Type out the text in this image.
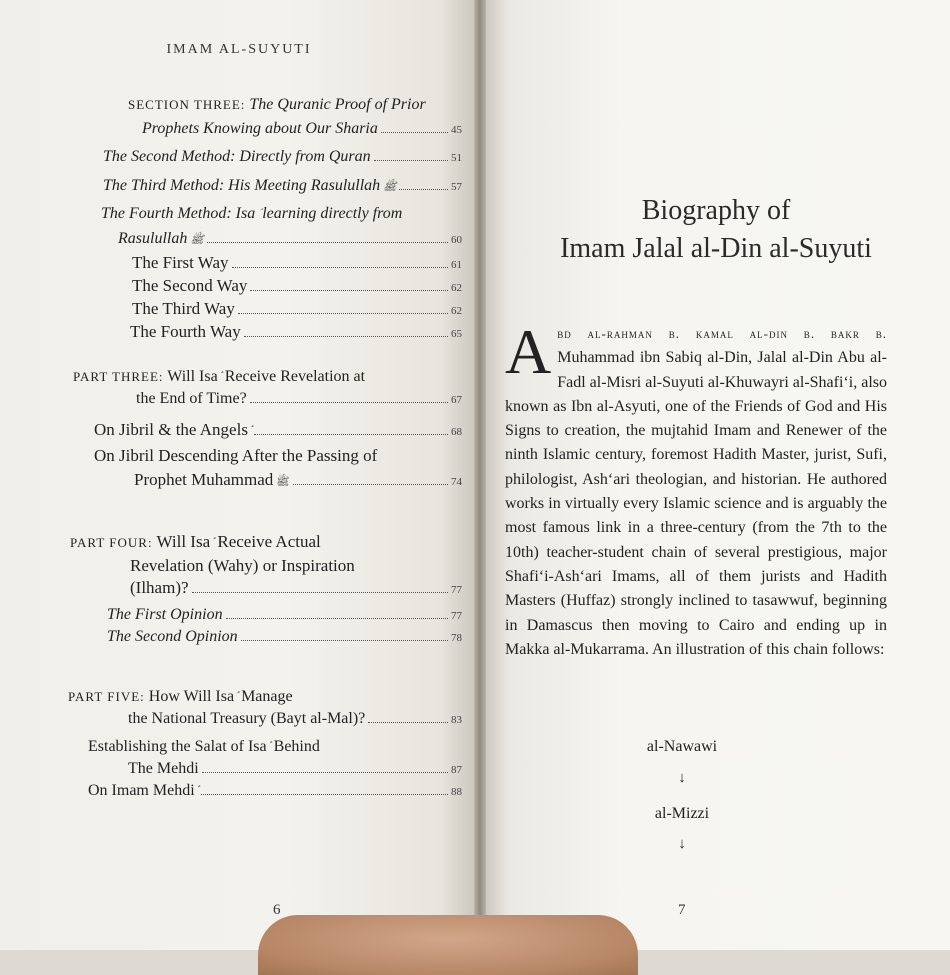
IMAM AL-SUYUTI
SECTION THREE: The Quranic Proof of Prior
Prophets Knowing about Our Sharia	45
The Second Method: Directly from Quran	51
The Third Method: His Meeting Rasulullah ﷺ	57
The Fourth Method: Isa learning directly from
Rasulullah ﷺ	60
The First Way	61
The Second Way	62
The Third Way	62
The Fourth Way	65
PART THREE: Will Isa Receive Revelation at
the End of Time?	67
On Jibril & the Angels	68
On Jibril Descending After the Passing of
Prophet Muhammad ﷺ	74
PART FOUR: Will Isa Receive Actual
Revelation (Wahy) or Inspiration
(Ilham)?	77
The First Opinion	77
The Second Opinion	78
PART FIVE: How Will Isa Manage
the National Treasury (Bayt al-Mal)?	83
Establishing the Salat of Isa Behind
The Mehdi	87
On Imam Mehdi	88
6
Biography of
Imam Jalal al-Din al-Suyuti
Abd al-rahman b. kamal al-din b. bakr b. Muhammad ibn Sabiq al-Din, Jalal al-Din Abu al-Fadl al-Misri al-Suyuti al-Khuwayri al-Shafi‘i, also known as Ibn al-Asyuti, one of the Friends of God and His Signs to creation, the mujtahid Imam and Renewer of the ninth Islamic century, foremost Hadith Master, jurist, Sufi, philologist, Ash‘ari theologian, and historian. He authored works in virtually every Islamic science and is arguably the most famous link in a three-century (from the 7th to the 10th) teacher-student chain of several prestigious, major Shafi‘i-Ash‘ari Imams, all of them jurists and Hadith Masters (Huffaz) strongly inclined to tasawwuf, beginning in Damascus then moving to Cairo and ending up in Makka al-Mukarrama. An illustration of this chain follows:
al-Nawawi
↓
al-Mizzi
↓
7
